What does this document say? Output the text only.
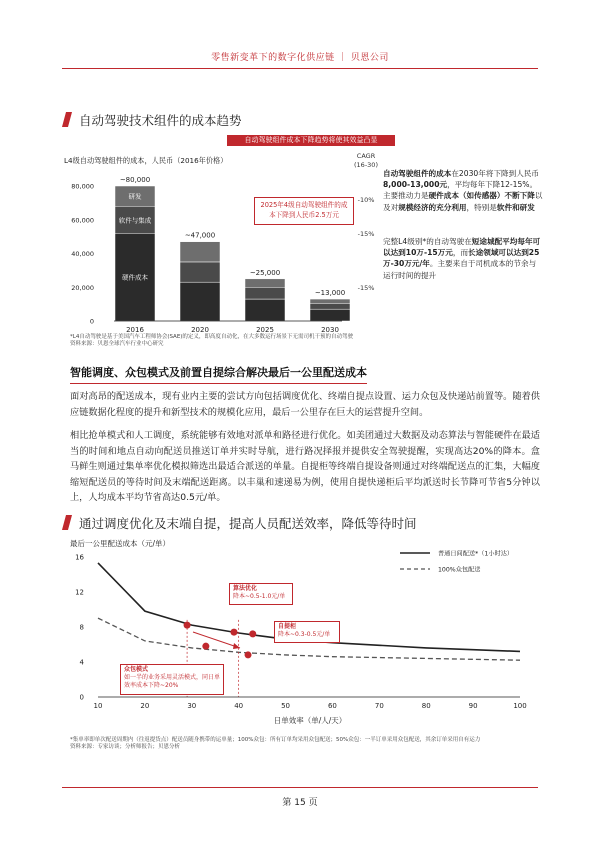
零售新变革下的数字化供应链 ｜ 贝恩公司
自动驾驶技术组件的成本趋势
自动驾驶组件成本下降趋势将使其效益凸显
L4级自动驾驶组件的成本，人民币（2016年价格）
0
20,000
40,000
60,000
80,000
~80,000
~47,000
~25,000
~13,000
2016	2020	2025	2030
研发
软件与集成
硬件成本
CAGR (16-30)
-10%
-15%
-15%
2025年4级自动驾驶组件的成本下降到人民币2.5万元
*L4自动驾驶是基于美国汽车工程师协会(SAE)的定义，即高度自动化，在大多数运行场景下无需司机干预的自动驾驶
资料来源：贝恩全球汽车行业中心研究
自动驾驶组件的成本在2030年将下降到人民币8,000-13,000元，平均每年下降12-15%。主要推动力是硬件成本（如传感器）不断下降以及对规模经济的充分利用，特别是软件和研发
完整L4级别*的自动驾驶在短途城配平均每年可以达到10万-15万元，而长途领域可以达到25万-30万元/年。主要来自于司机成本的节余与运行时间的提升
智能调度、众包模式及前置自提综合解决最后一公里配送成本
面对高昂的配送成本，现有业内主要的尝试方向包括调度优化、终端自提点设置、运力众包及快递站前置等。随着供应链数据化程度的提升和新型技术的规模化应用，最后一公里存在巨大的运营提升空间。
相比抢单模式和人工调度，系统能够有效地对派单和路径进行优化。如美团通过大数据及动态算法与智能硬件在最适当的时间和地点自动向配送员推送订单并实时导航，进行路况择报并提供安全驾驶提醒，实现高达20%的降本。盒马鲜生则通过集单率优化模拟筛选出最适合派送的单量。自提柜等终端自提设备则通过对终端配送点的汇集，大幅度缩短配送员的等待时间及末端配送距离。以丰巢和速递易为例，使用自提快递柜后平均派送时长节降可节省5分钟以上，人均成本平均节省高达0.5元/单。
通过调度优化及末端自提，提高人员配送效率，降低等待时间
最后一公里配送成本（元/单）
0
4
8
12
16
10	20	30	40	50	60	70	80	90	100
日单效率（单/人/天）
普通日间配送*（1小时达）
100%众包配送
算法优化
降本~0.5-1.0元/单
自提柜
降本~0.3-0.5元/单
众包模式
如一半的业务采用灵活模式，同日单效率成本下降~20%
*集单率即单次配送周期内（往返提货点）配送员随身携带的运单量；100%众包：所有订单均采用众包配送；50%众包：一半订单采用众包配送，其余订单采用自有运力
资料来源：专家访谈；分析师报告；贝恩分析
第 15 页
